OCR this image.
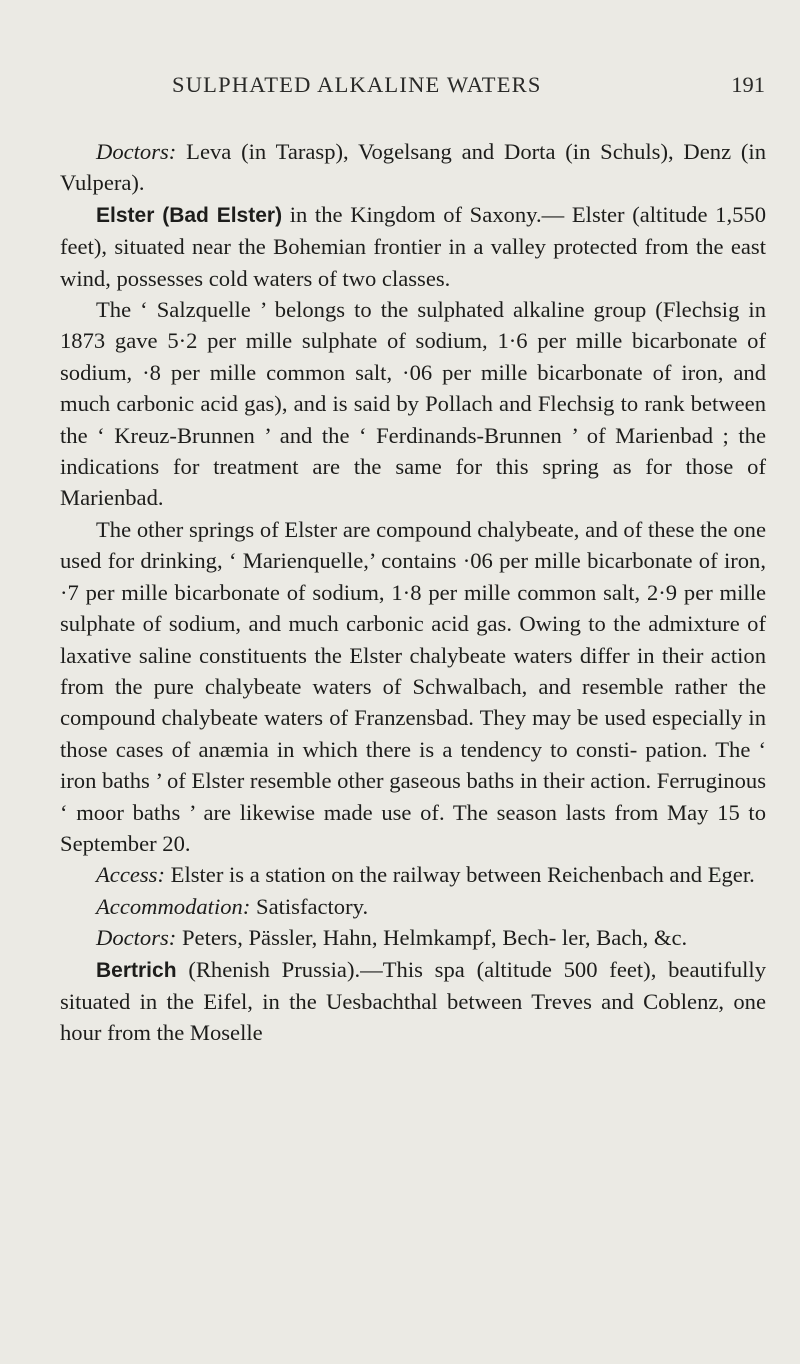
SULPHATED ALKALINE WATERS	191

Doctors: Leva (in Tarasp), Vogelsang and Dorta (in Schuls), Denz (in Vulpera).

Elster (Bad Elster) in the Kingdom of Saxony.— Elster (altitude 1,550 feet), situated near the Bohemian frontier in a valley protected from the east wind, possesses cold waters of two classes.

The ‘ Salzquelle ’ belongs to the sulphated alkaline group (Flechsig in 1873 gave 5·2 per mille sulphate of sodium, 1·6 per mille bicarbonate of sodium, ·8 per mille common salt, ·06 per mille bicarbonate of iron, and much carbonic acid gas), and is said by Pollach and Flechsig to rank between the ‘ Kreuz-Brunnen ’ and the ‘ Ferdinands-Brunnen ’ of Marienbad ; the indications for treatment are the same for this spring as for those of Marienbad.

The other springs of Elster are compound chalybeate, and of these the one used for drinking, ‘ Marienquelle,’ contains ·06 per mille bicarbonate of iron, ·7 per mille bicarbonate of sodium, 1·8 per mille common salt, 2·9 per mille sulphate of sodium, and much carbonic acid gas. Owing to the admixture of laxative saline constituents the Elster chalybeate waters differ in their action from the pure chalybeate waters of Schwalbach, and resemble rather the compound chalybeate waters of Franzensbad. They may be used especially in those cases of anæmia in which there is a tendency to consti- pation. The ‘ iron baths ’ of Elster resemble other gaseous baths in their action. Ferruginous ‘ moor baths ’ are likewise made use of. The season lasts from May 15 to September 20.

Access: Elster is a station on the railway between Reichenbach and Eger.

Accommodation: Satisfactory.

Doctors: Peters, Pässler, Hahn, Helmkampf, Bech- ler, Bach, &c.

Bertrich (Rhenish Prussia).—This spa (altitude 500 feet), beautifully situated in the Eifel, in the Uesbachthal between Treves and Coblenz, one hour from the Moselle
